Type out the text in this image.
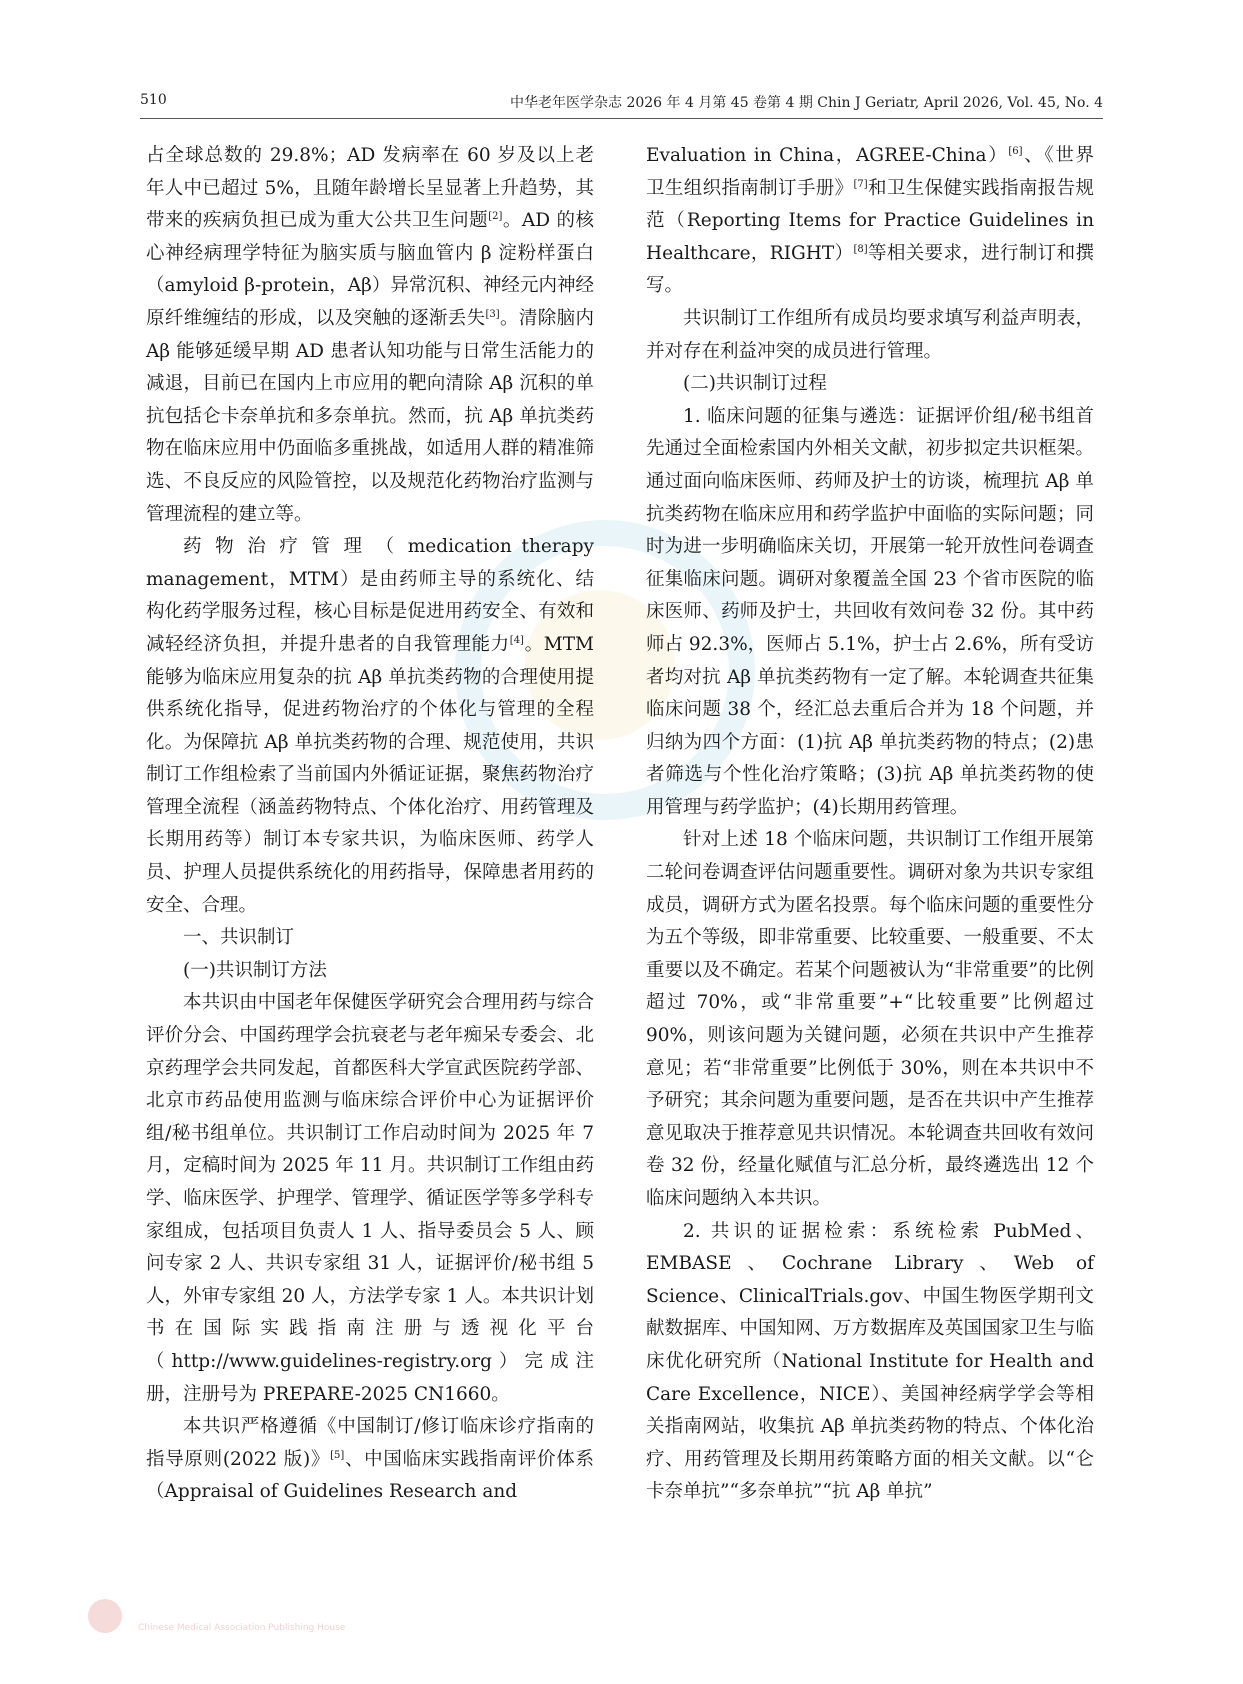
510	中华老年医学杂志 2026 年 4 月第 45 卷第 4 期 Chin J Geriatr, April 2026, Vol. 45, No. 4

占全球总数的 29.8%；AD 发病率在 60 岁及以上老年人中已超过 5%，且随年龄增长呈显著上升趋势，其带来的疾病负担已成为重大公共卫生问题[2]。AD 的核心神经病理学特征为脑实质与脑血管内 β 淀粉样蛋白（amyloid β-protein，Aβ）异常沉积、神经元内神经原纤维缠结的形成，以及突触的逐渐丢失[3]。清除脑内 Aβ 能够延缓早期 AD 患者认知功能与日常生活能力的减退，目前已在国内上市应用的靶向清除 Aβ 沉积的单抗包括仑卡奈单抗和多奈单抗。然而，抗 Aβ 单抗类药物在临床应用中仍面临多重挑战，如适用人群的精准筛选、不良反应的风险管控，以及规范化药物治疗监测与管理流程的建立等。

药 物 治 疗 管 理 （ medication therapy management，MTM）是由药师主导的系统化、结构化药学服务过程，核心目标是促进用药安全、有效和减轻经济负担，并提升患者的自我管理能力[4]。MTM 能够为临床应用复杂的抗 Aβ 单抗类药物的合理使用提供系统化指导，促进药物治疗的个体化与管理的全程化。为保障抗 Aβ 单抗类药物的合理、规范使用，共识制订工作组检索了当前国内外循证证据，聚焦药物治疗管理全流程（涵盖药物特点、个体化治疗、用药管理及长期用药等）制订本专家共识，为临床医师、药学人员、护理人员提供系统化的用药指导，保障患者用药的安全、合理。

一、共识制订

(一)共识制订方法

本共识由中国老年保健医学研究会合理用药与综合评价分会、中国药理学会抗衰老与老年痴呆专委会、北京药理学会共同发起，首都医科大学宣武医院药学部、北京市药品使用监测与临床综合评价中心为证据评价组/秘书组单位。共识制订工作启动时间为 2025 年 7 月，定稿时间为 2025 年 11 月。共识制订工作组由药学、临床医学、护理学、管理学、循证医学等多学科专家组成，包括项目负责人 1 人、指导委员会 5 人、顾问专家 2 人、共识专家组 31 人，证据评价/秘书组 5 人，外审专家组 20 人，方法学专家 1 人。本共识计划书在国际实践指南注册与透视化平台（http://www.guidelines-registry.org）完成注册，注册号为 PREPARE-2025 CN1660。

本共识严格遵循《中国制订/修订临床诊疗指南的指导原则(2022 版)》[5]、中国临床实践指南评价体系（Appraisal of Guidelines Research and

Evaluation in China，AGREE-China）[6]、《世界卫生组织指南制订手册》[7]和卫生保健实践指南报告规范（Reporting Items for Practice Guidelines in Healthcare，RIGHT）[8]等相关要求，进行制订和撰写。

共识制订工作组所有成员均要求填写利益声明表，并对存在利益冲突的成员进行管理。

(二)共识制订过程

1. 临床问题的征集与遴选：证据评价组/秘书组首先通过全面检索国内外相关文献，初步拟定共识框架。通过面向临床医师、药师及护士的访谈，梳理抗 Aβ 单抗类药物在临床应用和药学监护中面临的实际问题；同时为进一步明确临床关切，开展第一轮开放性问卷调查征集临床问题。调研对象覆盖全国 23 个省市医院的临床医师、药师及护士，共回收有效问卷 32 份。其中药师占 92.3%，医师占 5.1%，护士占 2.6%，所有受访者均对抗 Aβ 单抗类药物有一定了解。本轮调查共征集临床问题 38 个，经汇总去重后合并为 18 个问题，并归纳为四个方面：(1)抗 Aβ 单抗类药物的特点；(2)患者筛选与个性化治疗策略；(3)抗 Aβ 单抗类药物的使用管理与药学监护；(4)长期用药管理。

针对上述 18 个临床问题，共识制订工作组开展第二轮问卷调查评估问题重要性。调研对象为共识专家组成员，调研方式为匿名投票。每个临床问题的重要性分为五个等级，即非常重要、比较重要、一般重要、不太重要以及不确定。若某个问题被认为“非常重要”的比例超过 70%，或“非常重要”+“比较重要”比例超过 90%，则该问题为关键问题，必须在共识中产生推荐意见；若“非常重要”比例低于 30%，则在本共识中不予研究；其余问题为重要问题，是否在共识中产生推荐意见取决于推荐意见共识情况。本轮调查共回收有效问卷 32 份，经量化赋值与汇总分析，最终遴选出 12 个临床问题纳入本共识。

2. 共识的证据检索：系统检索 PubMed、EMBASE、Cochrane Library、Web of Science、ClinicalTrials.gov、中国生物医学期刊文献数据库、中国知网、万方数据库及英国国家卫生与临床优化研究所（National Institute for Health and Care Excellence，NICE）、美国神经病学学会等相关指南网站，收集抗 Aβ 单抗类药物的特点、个体化治疗、用药管理及长期用药策略方面的相关文献。以“仑卡奈单抗”“多奈单抗”“抗 Aβ 单抗”

Chinese Medical Association Publishing House
